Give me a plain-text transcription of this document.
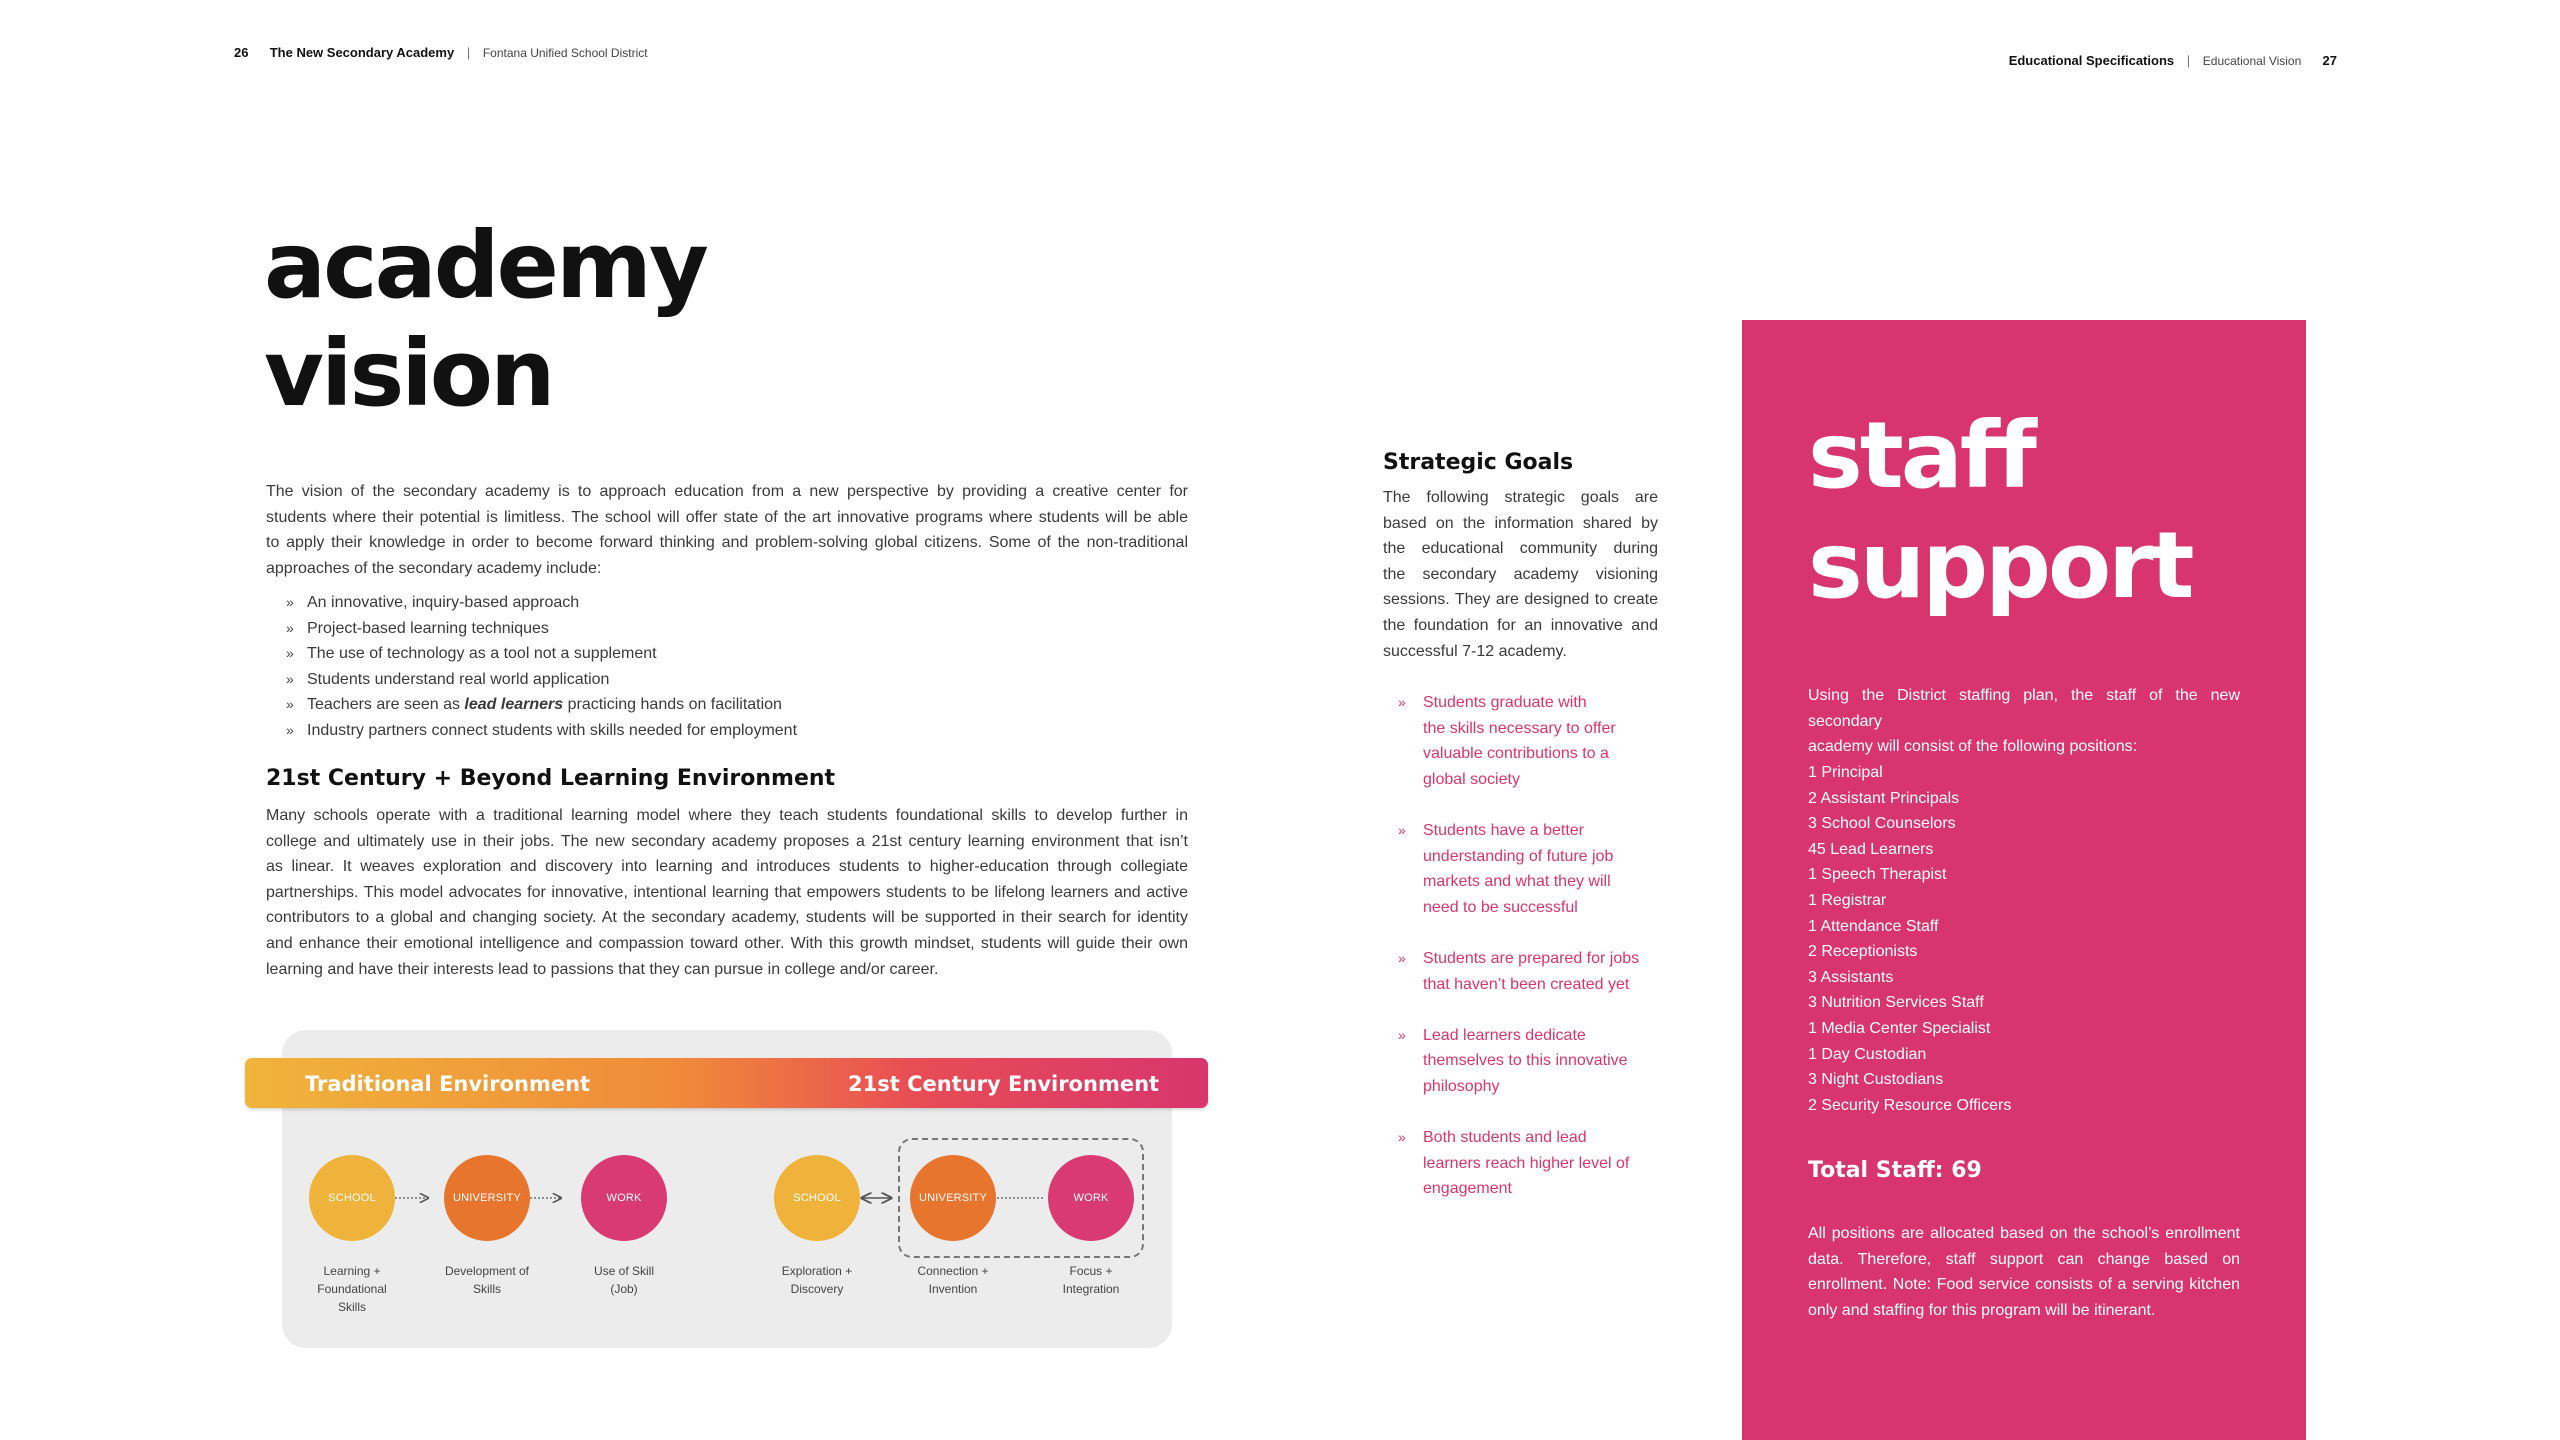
26 The New Secondary Academy | Fontana Unified School District	Educational Specifications | Educational Vision 27
academy
vision
The vision of the secondary academy is to approach education from a new perspective by providing a creative center for
students where their potential is limitless. The school will offer state of the art innovative programs where students will be able
to apply their knowledge in order to become forward thinking and problem-solving global citizens. Some of the non-traditional
approaches of the secondary academy include:
» An innovative, inquiry-based approach
» Project-based learning techniques
» The use of technology as a tool not a supplement
» Students understand real world application
» Teachers are seen as lead learners practicing hands on facilitation
» Industry partners connect students with skills needed for employment
21st Century + Beyond Learning Environment
Many schools operate with a traditional learning model where they teach students foundational skills to develop further in
college and ultimately use in their jobs. The new secondary academy proposes a 21st century learning environment that isn’t
as linear. It weaves exploration and discovery into learning and introduces students to higher-education through collegiate
partnerships. This model advocates for innovative, intentional learning that empowers students to be lifelong learners and active
contributors to a global and changing society. At the secondary academy, students will be supported in their search for identity
and enhance their emotional intelligence and compassion toward other. With this growth mindset, students will guide their own
learning and have their interests lead to passions that they can pursue in college and/or career.
Traditional Environment	21st Century Environment
SCHOOL	UNIVERSITY	WORK	SCHOOL	UNIVERSITY	WORK
Learning +
Foundational
Skills
Development of
Skills
Use of Skill
(Job)
Exploration +
Discovery
Connection +
Invention
Focus +
Integration
Strategic Goals
The following strategic goals are
based on the information shared by
the educational community during
the secondary academy visioning
sessions. They are designed to create
the foundation for an innovative and
successful 7-12 academy.
» Students graduate with
the skills necessary to offer
valuable contributions to a
global society
» Students have a better
understanding of future job
markets and what they will
need to be successful
» Students are prepared for jobs
that haven’t been created yet
» Lead learners dedicate
themselves to this innovative
philosophy
» Both students and lead
learners reach higher level of
engagement
staff
support
Using the District staffing plan, the staff of the new secondary
academy will consist of the following positions:
1 Principal
2 Assistant Principals
3 School Counselors
45 Lead Learners
1 Speech Therapist
1 Registrar
1 Attendance Staff
2 Receptionists
3 Assistants
3 Nutrition Services Staff
1 Media Center Specialist
1 Day Custodian
3 Night Custodians
2 Security Resource Officers
Total Staff: 69
All positions are allocated based on the school’s enrollment
data. Therefore, staff support can change based on
enrollment. Note: Food service consists of a serving kitchen
only and staffing for this program will be itinerant.
